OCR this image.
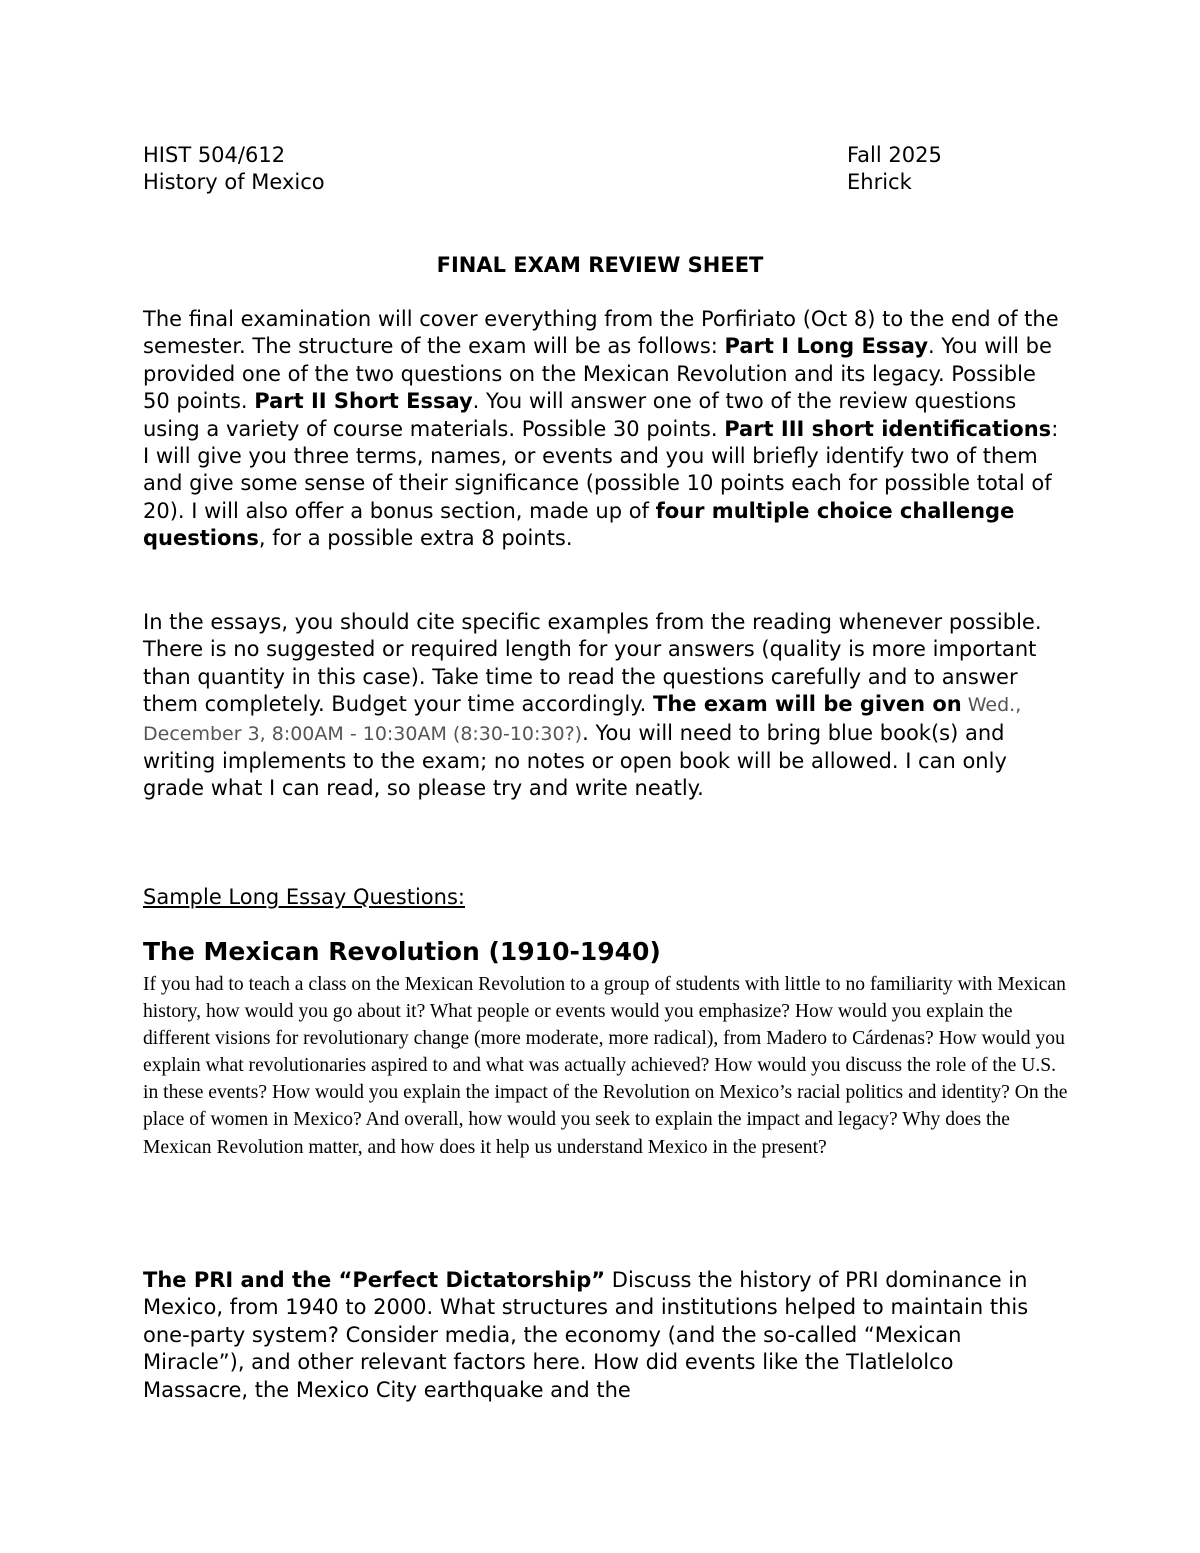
HIST 504/612	Fall 2025
History of Mexico	Ehrick
FINAL EXAM REVIEW SHEET

The final examination will cover everything from the Porfiriato (Oct 8) to the end of the semester. The structure of the exam will be as follows: Part I Long Essay. You will be provided one of the two questions on the Mexican Revolution and its legacy. Possible 50 points. Part II Short Essay. You will answer one of two of the review questions using a variety of course materials. Possible 30 points. Part III short identifications: I will give you three terms, names, or events and you will briefly identify two of them and give some sense of their significance (possible 10 points each for possible total of 20). I will also offer a bonus section, made up of four multiple choice challenge questions, for a possible extra 8 points.

In the essays, you should cite specific examples from the reading whenever possible. There is no suggested or required length for your answers (quality is more important than quantity in this case). Take time to read the questions carefully and to answer them completely. Budget your time accordingly. The exam will be given on Wed., December 3, 8:00AM - 10:30AM (8:30-10:30?). You will need to bring blue book(s) and writing implements to the exam; no notes or open book will be allowed. I can only grade what I can read, so please try and write neatly.

Sample Long Essay Questions:
The Mexican Revolution (1910-1940)

If you had to teach a class on the Mexican Revolution to a group of students with little to no familiarity with Mexican history, how would you go about it? What people or events would you emphasize? How would you explain the different visions for revolutionary change (more moderate, more radical), from Madero to Cárdenas? How would you explain what revolutionaries aspired to and what was actually achieved? How would you discuss the role of the U.S. in these events? How would you explain the impact of the Revolution on Mexico’s racial politics and identity? On the place of women in Mexico? And overall, how would you seek to explain the impact and legacy? Why does the Mexican Revolution matter, and how does it help us understand Mexico in the present?

The PRI and the “Perfect Dictatorship” Discuss the history of PRI dominance in Mexico, from 1940 to 2000. What structures and institutions helped to maintain this one-party system? Consider media, the economy (and the so-called “Mexican Miracle”), and other relevant factors here. How did events like the Tlatlelolco Massacre, the Mexico City earthquake and the
